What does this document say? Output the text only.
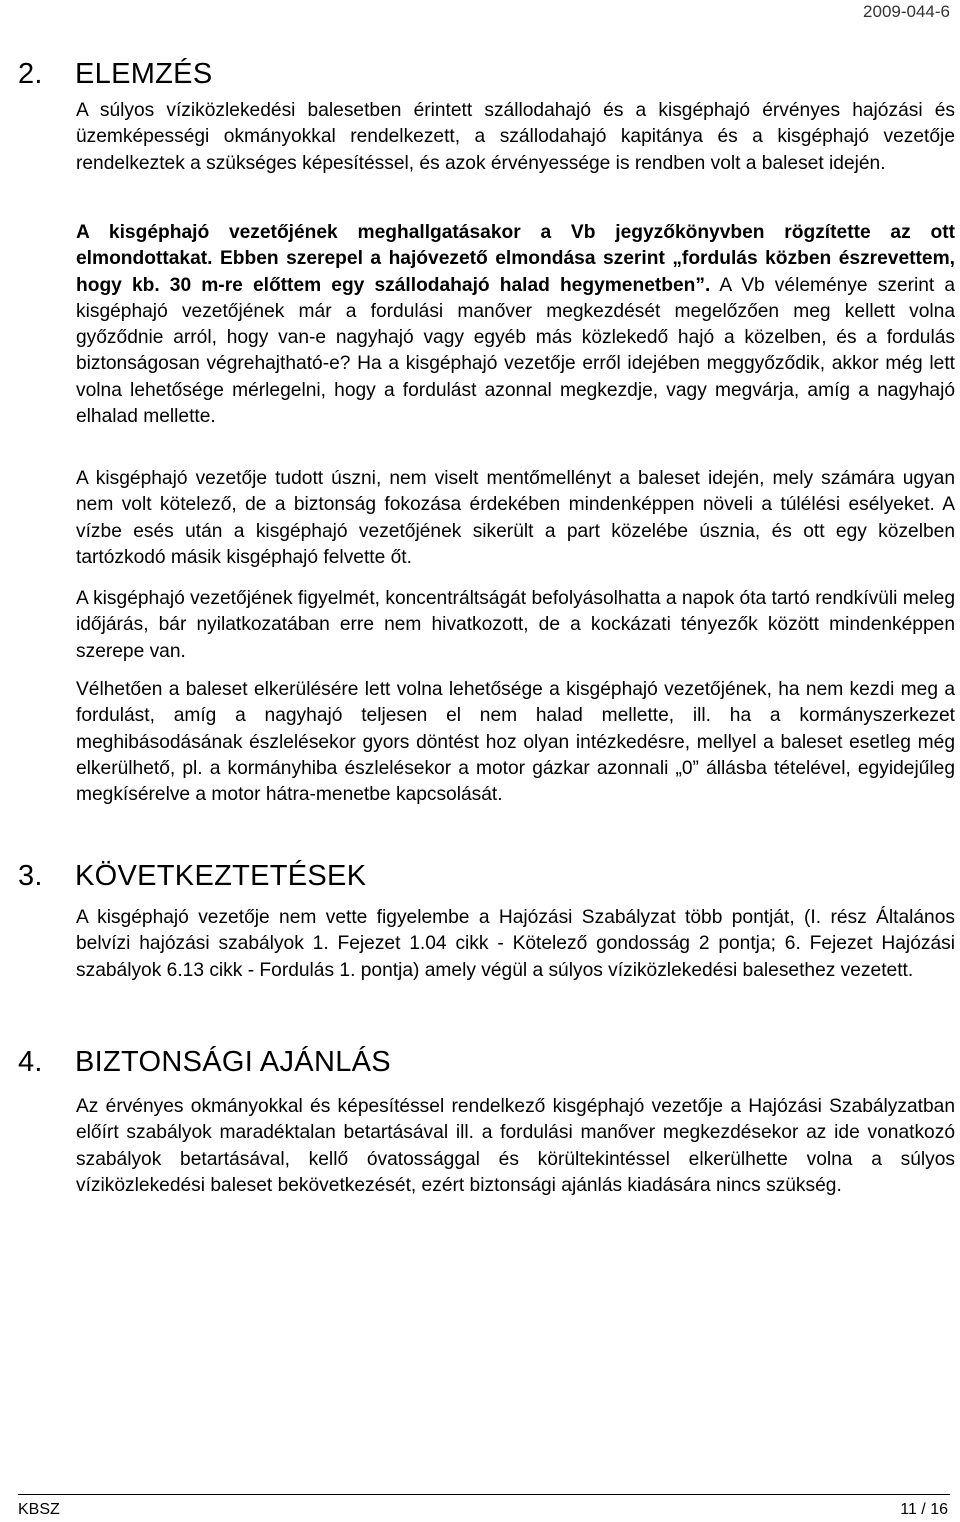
2009-044-6
2. ELEMZÉS

A súlyos víziközlekedési balesetben érintett szállodahajó és a kisgéphajó érvényes hajózási és üzemképességi okmányokkal rendelkezett, a szállodahajó kapitánya és a kisgéphajó vezetője rendelkeztek a szükséges képesítéssel, és azok érvényessége is rendben volt a baleset idején.

A kisgéphajó vezetőjének meghallgatásakor a Vb jegyzőkönyvben rögzítette az ott elmondottakat. Ebben szerepel a hajóvezető elmondása szerint „fordulás közben észrevettem, hogy kb. 30 m-re előttem egy szállodahajó halad hegymenetben”. A Vb véleménye szerint a kisgéphajó vezetőjének már a fordulási manőver megkezdését megelőzően meg kellett volna győződnie arról, hogy van-e nagyhajó vagy egyéb más közlekedő hajó a közelben, és a fordulás biztonságosan végrehajtható-e? Ha a kisgéphajó vezetője erről idejében meggyőződik, akkor még lett volna lehetősége mérlegelni, hogy a fordulást azonnal megkezdje, vagy megvárja, amíg a nagyhajó elhalad mellette.

A kisgéphajó vezetője tudott úszni, nem viselt mentőmellényt a baleset idején, mely számára ugyan nem volt kötelező, de a biztonság fokozása érdekében mindenképpen növeli a túlélési esélyeket. A vízbe esés után a kisgéphajó vezetőjének sikerült a part közelébe úsznia, és ott egy közelben tartózkodó másik kisgéphajó felvette őt.

A kisgéphajó vezetőjének figyelmét, koncentráltságát befolyásolhatta a napok óta tartó rendkívüli meleg időjárás, bár nyilatkozatában erre nem hivatkozott, de a kockázati tényezők között mindenképpen szerepe van.

Vélhetően a baleset elkerülésére lett volna lehetősége a kisgéphajó vezetőjének, ha nem kezdi meg a fordulást, amíg a nagyhajó teljesen el nem halad mellette, ill. ha a kormányszerkezet meghibásodásának észlelésekor gyors döntést hoz olyan intézkedésre, mellyel a baleset esetleg még elkerülhető, pl. a kormányhiba észlelésekor a motor gázkar azonnali „0” állásba tételével, egyidejűleg megkísérelve a motor hátra-menetbe kapcsolását.

3. KÖVETKEZTETÉSEK

A kisgéphajó vezetője nem vette figyelembe a Hajózási Szabályzat több pontját, (I. rész Általános belvízi hajózási szabályok 1. Fejezet 1.04 cikk - Kötelező gondosság 2 pontja; 6. Fejezet Hajózási szabályok 6.13 cikk - Fordulás 1. pontja) amely végül a súlyos víziközlekedési balesethez vezetett.

4. BIZTONSÁGI AJÁNLÁS

Az érvényes okmányokkal és képesítéssel rendelkező kisgéphajó vezetője a Hajózási Szabályzatban előírt szabályok maradéktalan betartásával ill. a fordulási manőver megkezdésekor az ide vonatkozó szabályok betartásával, kellő óvatossággal és körültekintéssel elkerülhette volna a súlyos víziközlekedési baleset bekövetkezését, ezért biztonsági ajánlás kiadására nincs szükség.

KBSZ	11 / 16
